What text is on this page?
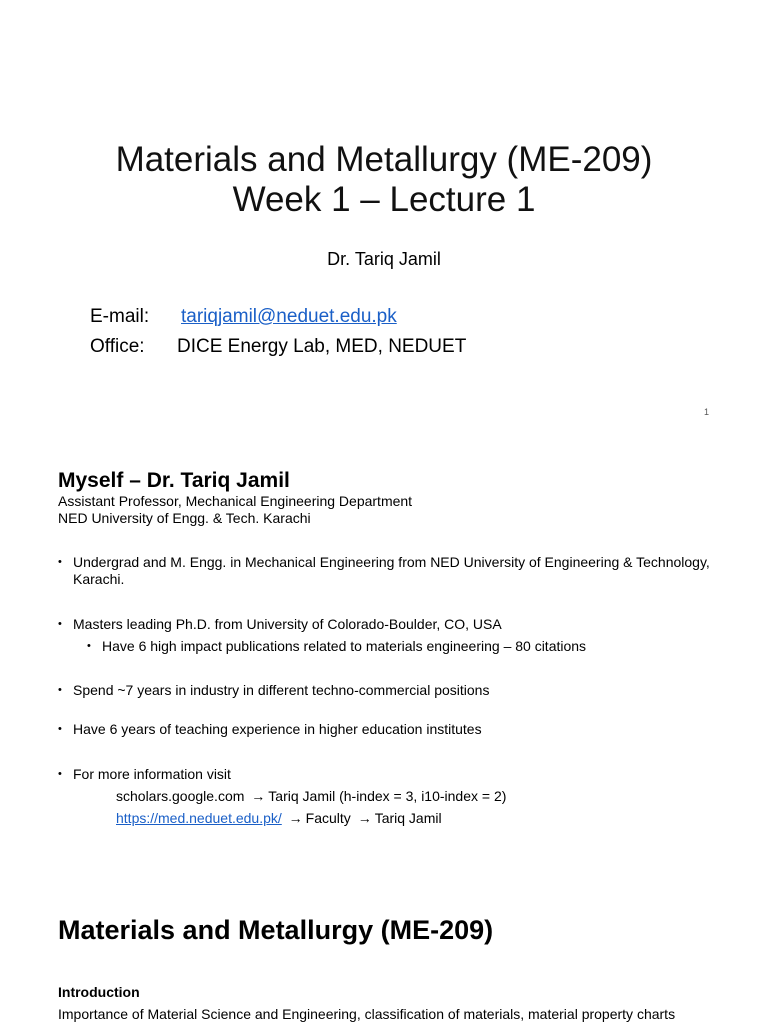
Materials and Metallurgy (ME-209)
Week 1 – Lecture 1
Dr. Tariq Jamil
E-mail: tariqjamil@neduet.edu.pk
Office: DICE Energy Lab, MED, NEDUET
1
Myself – Dr. Tariq Jamil
Assistant Professor, Mechanical Engineering Department
NED University of Engg. & Tech. Karachi
• Undergrad and M. Engg. in Mechanical Engineering from NED University of Engineering & Technology, Karachi.
• Masters leading Ph.D. from University of Colorado-Boulder, CO, USA
• Have 6 high impact publications related to materials engineering – 80 citations
• Spend ~7 years in industry in different techno-commercial positions
• Have 6 years of teaching experience in higher education institutes
• For more information visit
scholars.google.com → Tariq Jamil (h-index = 3, i10-index = 2)
https://med.neduet.edu.pk/ → Faculty → Tariq Jamil
Materials and Metallurgy (ME-209)
Introduction
Importance of Material Science and Engineering, classification of materials, material property charts
